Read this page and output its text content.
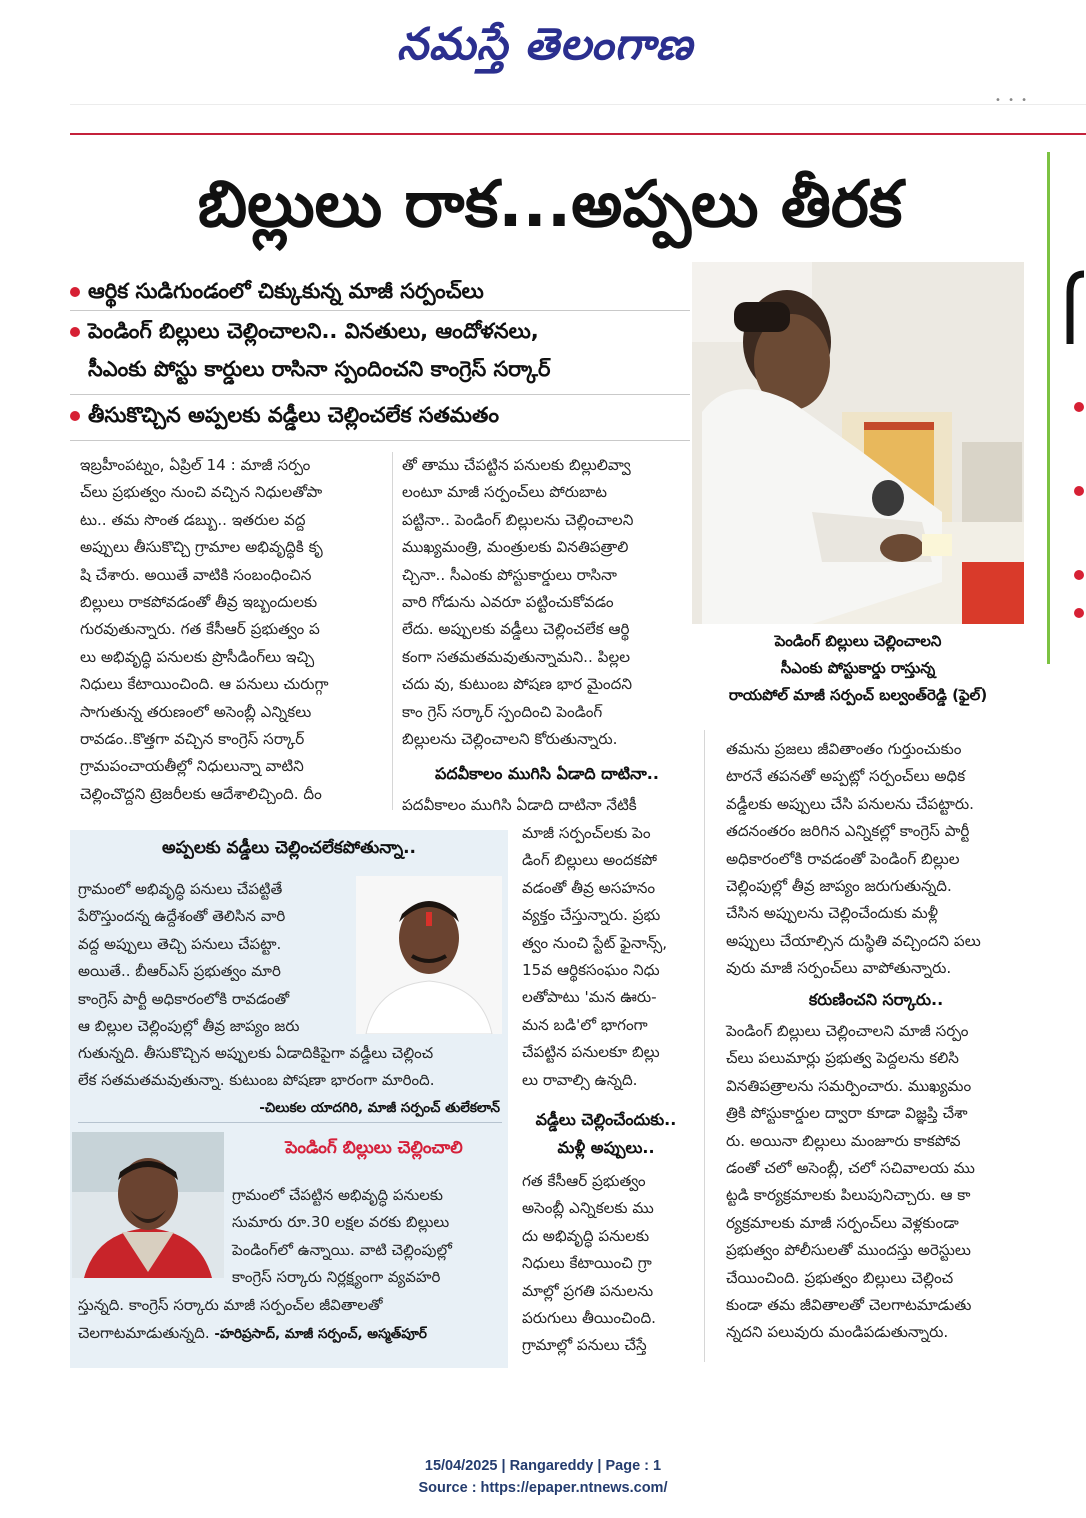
నమస్తే తెలంగాణ
• • •
బిల్లులు రాక...అప్పలు తీరక
ఆర్థిక సుడిగుండంలో చిక్కుకున్న మాజీ సర్పంచ్‌లు
పెండింగ్ బిల్లులు చెల్లించాలని.. వినతులు, ఆందోళనలు,
సీఎంకు పోస్టు కార్డులు రాసినా స్పందించని కాంగ్రెస్ సర్కార్
తీసుకొచ్చిన అప్పలకు వడ్డీలు చెల్లించలేక సతమతం
పెండింగ్ బిల్లులు చెల్లించాలని
సీఎంకు పోస్టుకార్డు రాస్తున్న
రాయపోల్ మాజీ సర్పంచ్ బల్వంత్‌రెడ్డి (ఫైల్)

ఇబ్రహీంపట్నం, ఏప్రిల్ 14 : మాజీ సర్పం

చ్‌లు ప్రభుత్వం నుంచి వచ్చిన నిధులతోపా

టు.. తమ సొంత డబ్బు.. ఇతరుల వద్ద

అప్పులు తీసుకొచ్చి గ్రామాల అభివృద్ధికి కృ

షి చేశారు. అయితే వాటికి సంబంధించిన

బిల్లులు రాకపోవడంతో తీవ్ర ఇబ్బందులకు

గురవుతున్నారు. గత కేసీఆర్ ప్రభుత్వం ప

లు అభివృద్ధి పనులకు ప్రొసీడింగ్‌లు ఇచ్చి

నిధులు కేటాయించింది. ఆ పనులు చురుగ్గా

సాగుతున్న తరుణంలో అసెంబ్లీ ఎన్నికలు

రావడం..కొత్తగా వచ్చిన కాంగ్రెస్ సర్కార్

గ్రామపంచాయతీల్లో నిధులున్నా వాటిని

చెల్లించొద్దని ట్రెజరీలకు ఆదేశాలిచ్చింది. దీం

తో తాము చేపట్టిన పనులకు బిల్లులివ్వా

లంటూ మాజీ సర్పంచ్‌లు పోరుబాట

పట్టినా.. పెండింగ్ బిల్లులను చెల్లించాలని

ముఖ్యమంత్రి, మంత్రులకు వినతిపత్రాలి

చ్చినా.. సీఎంకు పోస్టుకార్డులు రాసినా

వారి గోడును ఎవరూ పట్టించుకోవడం

లేదు. అప్పులకు వడ్డీలు చెల్లించలేక ఆర్థి

కంగా సతమతమవుతున్నామని.. పిల్లల

చదు వు, కుటుంబ పోషణ భార మైందని

కాం గ్రెస్ సర్కార్ స్పందించి పెండింగ్

బిల్లులను చెల్లించాలని కోరుతున్నారు.

పదవీకాలం ముగిసి ఏడాది దాటినా..
పదవీకాలం ముగిసి ఏడాది దాటినా నేటికీ

మాజీ సర్పంచ్‌లకు పెం

డింగ్ బిల్లులు అందకపో

వడంతో తీవ్ర అసహనం

వ్యక్తం చేస్తున్నారు. ప్రభు

త్వం నుంచి స్టేట్ ఫైనాన్స్,

15వ ఆర్థికసంఘం నిధు

లతోపాటు 'మన ఊరు-

మన బడి'లో భాగంగా

చేపట్టిన పనులకూ బిల్లు

లు రావాల్సి ఉన్నది.

వడ్డీలు చెల్లించేందుకు..
మళ్లీ అప్పులు..

గత కేసీఆర్ ప్రభుత్వం

అసెంబ్లీ ఎన్నికలకు ము

దు అభివృద్ధి పనులకు

నిధులు కేటాయించి గ్రా

మాల్లో ప్రగతి పనులను

పరుగులు తీయించింది.

గ్రామాల్లో పనులు చేస్తే

తమను ప్రజలు జీవితాంతం గుర్తుంచుకుం

టారనే తపనతో అప్పట్లో సర్పంచ్‌లు అధిక

వడ్డీలకు అప్పులు చేసి పనులను చేపట్టారు.

తదనంతరం జరిగిన ఎన్నికల్లో కాంగ్రెస్ పార్టీ

అధికారంలోకి రావడంతో పెండింగ్ బిల్లుల

చెల్లింపుల్లో తీవ్ర జాప్యం జరుగుతున్నది.

చేసిన అప్పులను చెల్లించేందుకు మళ్లీ

అప్పులు చేయాల్సిన దుస్థితి వచ్చిందని పలు

వురు మాజీ సర్పంచ్‌లు వాపోతున్నారు.

కరుణించని సర్కారు..

పెండింగ్ బిల్లులు చెల్లించాలని మాజీ సర్పం

చ్‌లు పలుమార్లు ప్రభుత్వ పెద్దలను కలిసి

వినతిపత్రాలను సమర్పించారు. ముఖ్యమం

త్రికి పోస్టుకార్డుల ద్వారా కూడా విజ్ఞప్తి చేశా

రు. అయినా బిల్లులు మంజూరు కాకపోవ

డంతో చలో అసెంబ్లీ, చలో సచివాలయ ము

ట్టడి కార్యక్రమాలకు పిలుపునిచ్చారు. ఆ కా

ర్యక్రమాలకు మాజీ సర్పంచ్‌లు వెళ్లకుండా

ప్రభుత్వం పోలీసులతో ముందస్తు అరెస్టులు

చేయించింది. ప్రభుత్వం బిల్లులు చెల్లించ

కుండా తమ జీవితాలతో చెలగాటమాడుతు

న్నదని పలువురు మండిపడుతున్నారు.

అప్పలకు వడ్డీలు చెల్లించలేకపోతున్నా..
గ్రామంలో అభివృద్ధి పనులు చేపట్టితే
పేరొస్తుందన్న ఉద్దేశంతో తెలిసిన వారి
వద్ద అప్పులు తెచ్చి పనులు చేపట్టా.
అయితే.. బీఆర్‌ఎస్ ప్రభుత్వం మారి
కాంగ్రెస్ పార్టీ అధికారంలోకి రావడంతో
ఆ బిల్లుల చెల్లింపుల్లో తీవ్ర జాప్యం జరు
గుతున్నది. తీసుకొచ్చిన అప్పులకు ఏడాదికిపైగా వడ్డీలు చెల్లించ
లేక సతమతమవుతున్నా. కుటుంబ పోషణా భారంగా మారింది.
-చిలుకల యాదగిరి, మాజీ సర్పంచ్ తులేకలాన్
పెండింగ్ బిల్లులు చెల్లించాలి
గ్రామంలో చేపట్టిన అభివృద్ధి పనులకు
సుమారు రూ.30 లక్షల వరకు బిల్లులు
పెండింగ్‌లో ఉన్నాయి. వాటి చెల్లింపుల్లో
కాంగ్రెస్ సర్కారు నిర్లక్ష్యంగా వ్యవహరి
స్తున్నది. కాంగ్రెస్ సర్కారు మాజీ సర్పంచ్‌ల జీవితాలతో
చెలగాటమాడుతున్నది. -హరిప్రసాద్, మాజీ సర్పంచ్, అస్మత్‌పూర్
15/04/2025 | Rangareddy | Page : 1
Source : https://epaper.ntnews.com/
